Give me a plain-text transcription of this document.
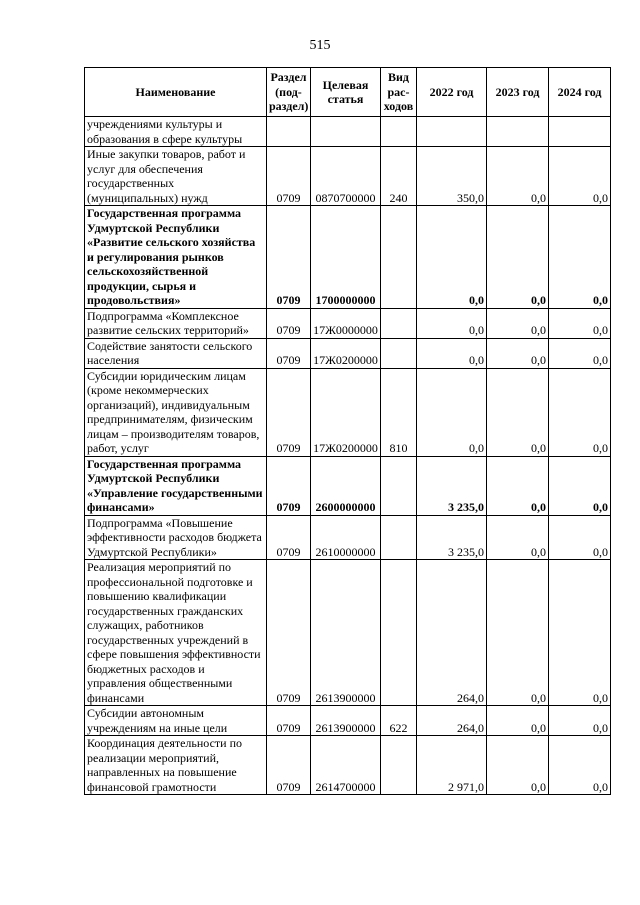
515
Наименование	Раздел (под-раздел)	Целевая статья	Вид рас-ходов	2022 год	2023 год	2024 год
учреждениями культуры и образования в сфере культуры						
Иные закупки товаров, работ и услуг для обеспечения государственных (муниципальных) нужд	0709	0870700000	240	350,0	0,0	0,0
Государственная программа Удмуртской Республики «Развитие сельского хозяйства и регулирования рынков сельскохозяйственной продукции, сырья и продовольствия»	0709	1700000000		0,0	0,0	0,0
Подпрограмма «Комплексное развитие сельских территорий»	0709	17Ж0000000		0,0	0,0	0,0
Содействие занятости сельского населения	0709	17Ж0200000		0,0	0,0	0,0
Субсидии юридическим лицам (кроме некоммерческих организаций), индивидуальным предпринимателям, физическим лицам – производителям товаров, работ, услуг	0709	17Ж0200000	810	0,0	0,0	0,0
Государственная программа Удмуртской Республики «Управление государственными финансами»	0709	2600000000		3 235,0	0,0	0,0
Подпрограмма «Повышение эффективности расходов бюджета Удмуртской Республики»	0709	2610000000		3 235,0	0,0	0,0
Реализация мероприятий по профессиональной подготовке и повышению квалификации государственных гражданских служащих, работников государственных учреждений в сфере повышения эффективности бюджетных расходов и управления общественными финансами	0709	2613900000		264,0	0,0	0,0
Субсидии автономным учреждениям на иные цели	0709	2613900000	622	264,0	0,0	0,0
Координация деятельности по реализации мероприятий, направленных на повышение финансовой грамотности	0709	2614700000		2 971,0	0,0	0,0
